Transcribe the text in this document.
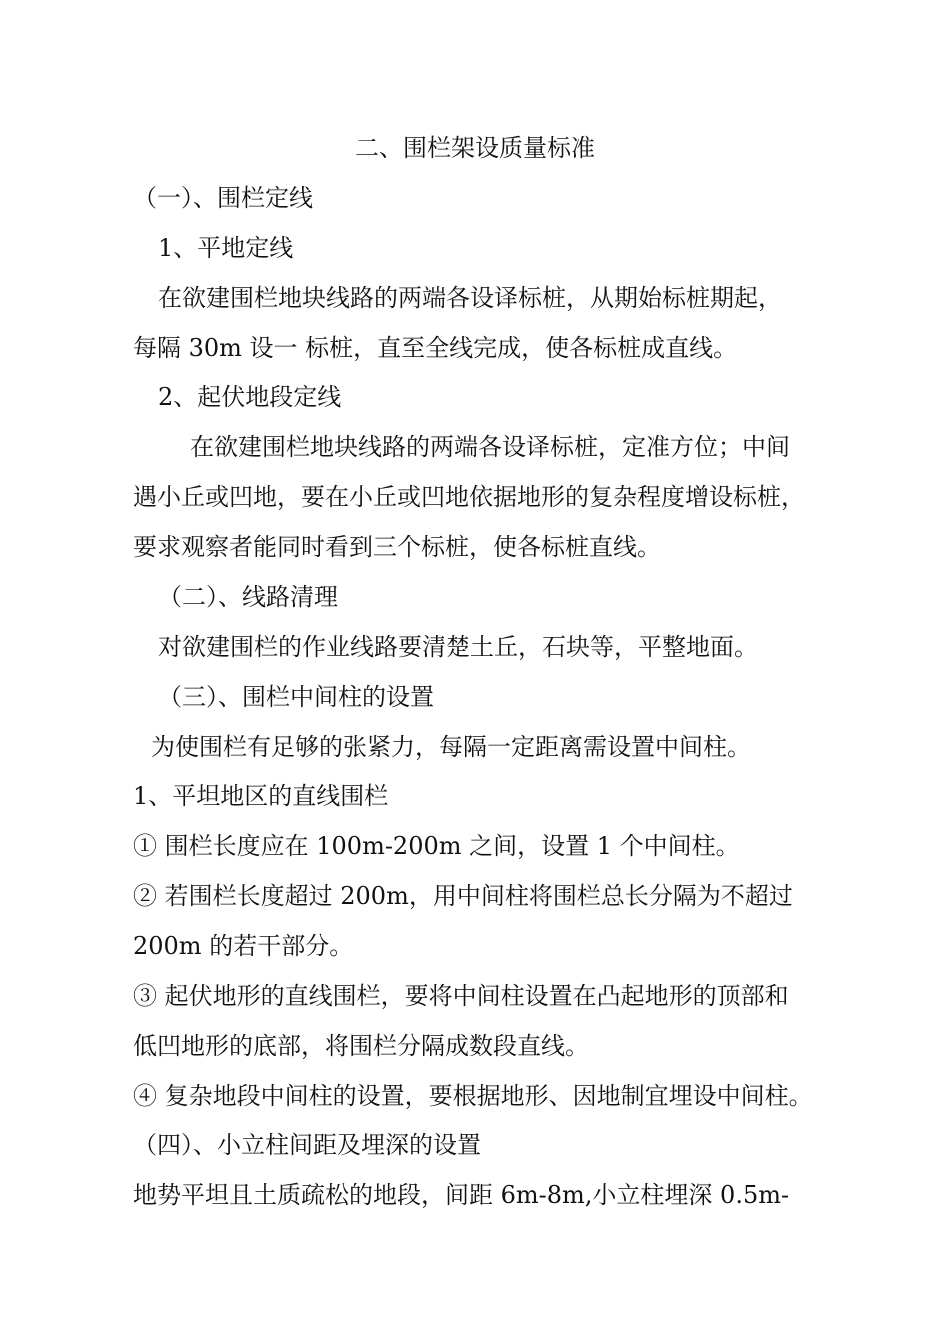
二、围栏架设质量标准
（一）、围栏定线
1、平地定线
在欲建围栏地块线路的两端各设译标桩，从期始标桩期起，
每隔 30m 设一 标桩，直至全线完成，使各标桩成直线。
2、起伏地段定线
在欲建围栏地块线路的两端各设译标桩，定准方位；中间
遇小丘或凹地，要在小丘或凹地依据地形的复杂程度增设标桩，
要求观察者能同时看到三个标桩，使各标桩直线。
（二）、线路清理
对欲建围栏的作业线路要清楚土丘，石块等，平整地面。
（三）、围栏中间柱的设置
为使围栏有足够的张紧力，每隔一定距离需设置中间柱。
1、平坦地区的直线围栏
① 围栏长度应在 100m-200m 之间，设置 1 个中间柱。
② 若围栏长度超过 200m，用中间柱将围栏总长分隔为不超过
200m 的若干部分。
③ 起伏地形的直线围栏，要将中间柱设置在凸起地形的顶部和
低凹地形的底部，将围栏分隔成数段直线。
④ 复杂地段中间柱的设置，要根据地形、因地制宜埋设中间柱。
（四）、小立柱间距及埋深的设置
地势平坦且土质疏松的地段，间距 6m-8m,小立柱埋深 0.5m-
